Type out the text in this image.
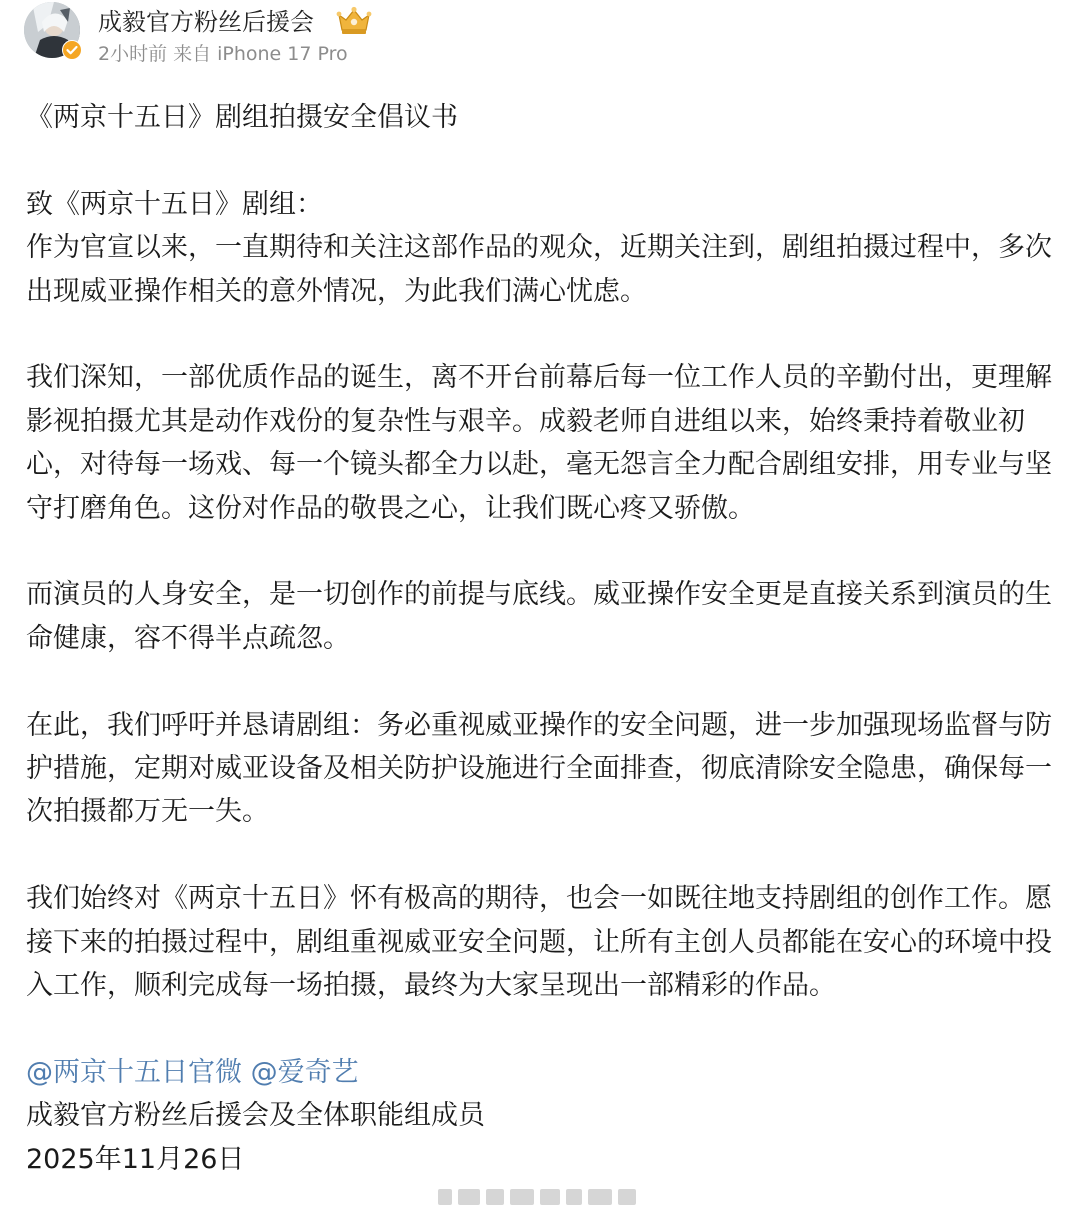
成毅官方粉丝后援会
2小时前 来自 iPhone 17 Pro

《两京十五日》剧组拍摄安全倡议书

致《两京十五日》剧组：

作为官宣以来，一直期待和关注这部作品的观众，近期关注到，剧组拍摄过程中，多次出现威亚操作相关的意外情况，为此我们满心忧虑。

我们深知，一部优质作品的诞生，离不开台前幕后每一位工作人员的辛勤付出，更理解影视拍摄尤其是动作戏份的复杂性与艰辛。成毅老师自进组以来，始终秉持着敬业初心，对待每一场戏、每一个镜头都全力以赴，毫无怨言全力配合剧组安排，用专业与坚守打磨角色。这份对作品的敬畏之心，让我们既心疼又骄傲。

而演员的人身安全，是一切创作的前提与底线。威亚操作安全更是直接关系到演员的生命健康，容不得半点疏忽。

在此，我们呼吁并恳请剧组：务必重视威亚操作的安全问题，进一步加强现场监督与防护措施，定期对威亚设备及相关防护设施进行全面排查，彻底清除安全隐患，确保每一次拍摄都万无一失。

我们始终对《两京十五日》怀有极高的期待，也会一如既往地支持剧组的创作工作。愿接下来的拍摄过程中，剧组重视威亚安全问题，让所有主创人员都能在安心的环境中投入工作，顺利完成每一场拍摄，最终为大家呈现出一部精彩的作品。

@两京十五日官微 @爱奇艺

成毅官方粉丝后援会及全体职能组成员

2025年11月26日
